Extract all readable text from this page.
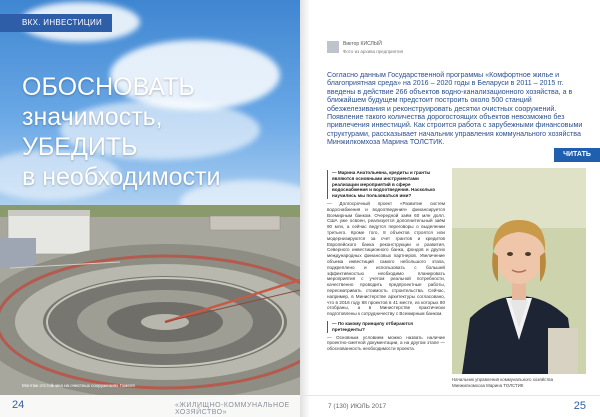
ВКХ. ИНВЕСТИЦИИ
ОБОСНОВАТЬ
значимость,
УБЕДИТЬ
в необходимости
Монтаж отстойника на очистных сооружениях Гомеля
24	«ЖИЛИЩНО-КОММУНАЛЬНОЕ ХОЗЯЙСТВО»
Виктор КИСЛЫЙ
Фото из архива предприятия

Согласно данным Государственной программы «Комфортное жилье и благоприятная среда» на 2016 – 2020 годы в Беларуси в 2011 – 2015 гг. введены в действие 266 объектов водно-канализационного хозяйства, а в ближайшем будущем предстоит построить около 500 станций обезжелезивания и реконструировать десятки очистных сооружений. Появление такого количества дорогостоящих объектов невозможно без привлечения инвестиций. Как строится работа с зарубежными финансовыми структурами, рассказывает начальник управления коммунального хозяйства Минжилкомхоза Марина ТОЛСТИК.

ЧИТАТЬ

— Марина Анатольевна, кредиты и гранты являются основными инструментами реализации мероприятий в сфере водоснабжения и водоотведения. Насколько научились мы пользоваться ими?

— Долгосрочный проект «Развитие систем водоснабжения и водоотведения» финансируется Всемирным банком. Очередной заём 60 млн долл. США уже освоен, реализуется дополнительный заём 90 млн, а сейчас ведутся переговоры о выделении третьего. Кроме того, 8 объектов строятся или модернизируются за счет грантов и кредитов Европейского банка реконструкции и развития, Северного инвестиционного банка, фондов и других международных финансовых партнеров. Увеличение объема инвестиций самого небольшого этапа, подкреплено и использовать с большей эффективностью необходимо планировать мероприятия с учетом реальной потребности, качественно проводить предпроектные работы, пересматривать стоимость строительства. Сейчас, например, в Министерстве архитектуры согласовано, что в 2016 году 88 проектов в 41 месте, из которых 80 отобраны, а в Министерстве практически подготовлены к сотрудничеству с Всемирным банком.

— По какому принципу отбираются претенденты?

— Основным условием можно назвать наличие проектно-сметной документации, а на другом этапе — обоснованность необходимости проекта.

Начальник управления коммунального хозяйства Минжилкомхоза Марина ТОЛСТИК
7 (130) ИЮЛЬ 2017	25
